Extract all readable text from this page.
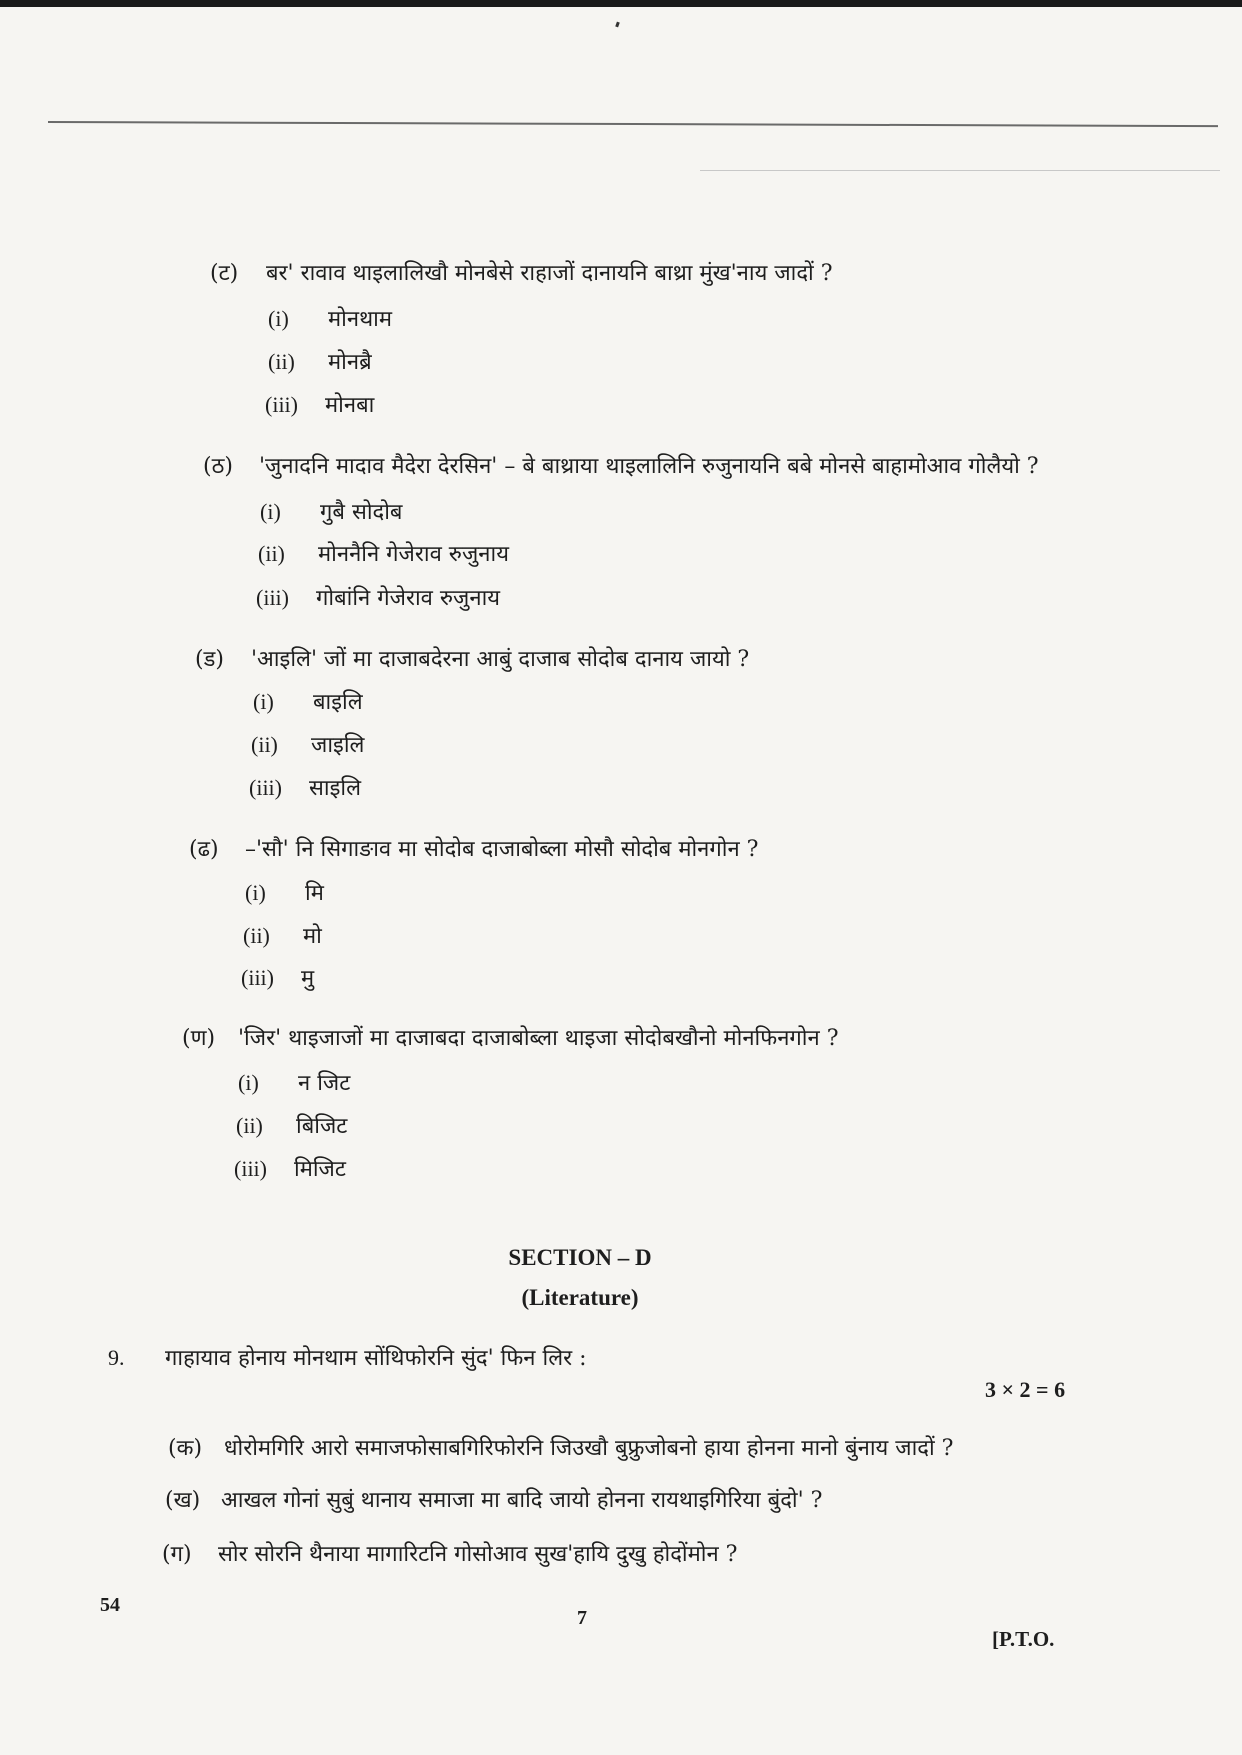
(ट) बर' रावाव थाइलालिखौ मोनबेसे राहाजों दानायनि बाथ्रा मुंख'नाय जादों ?
(i) मोनथाम
(ii) मोनब्रै
(iii) मोनबा
(ठ) 'जुनादनि मादाव मैदेरा देरसिन' – बे बाथ्राया थाइलालिनि रुजुनायनि बबे मोनसे बाहामोआव गोलैयो ?
(i) गुबै सोदोब
(ii) मोननैनि गेजेराव रुजुनाय
(iii) गोबांनि गेजेराव रुजुनाय
(ड) 'आइलि' जों मा दाजाबदेरना आबुं दाजाब सोदोब दानाय जायो ?
(i) बाइलि
(ii) जाइलि
(iii) साइलि
(ढ) –'सौ' नि सिगाङाव मा सोदोब दाजाबोब्ला मोसौ सोदोब मोनगोन ?
(i) मि
(ii) मो
(iii) मु
(ण) 'जिर' थाइजाजों मा दाजाबदा दाजाबोब्ला थाइजा सोदोबखौनो मोनफिनगोन ?
(i) न जिट
(ii) बिजिट
(iii) मिजिट
SECTION – D
(Literature)
9. गाहायाव होनाय मोनथाम सोंथिफोरनि सुंद' फिन लिर :
3 × 2 = 6
(क) धोरोमगिरि आरो समाजफोसाबगिरिफोरनि जिउखौ बुफ्रुजोबनो हाया होनना मानो बुंनाय जादों ?
(ख) आखल गोनां सुबुं थानाय समाजा मा बादि जायो होनना रायथाइगिरिया बुंदो' ?
(ग) सोर सोरनि थैनाया मागारिटनि गोसोआव सुख'हायि दुखु होदोंमोन ?
54
7
[P.T.O.
